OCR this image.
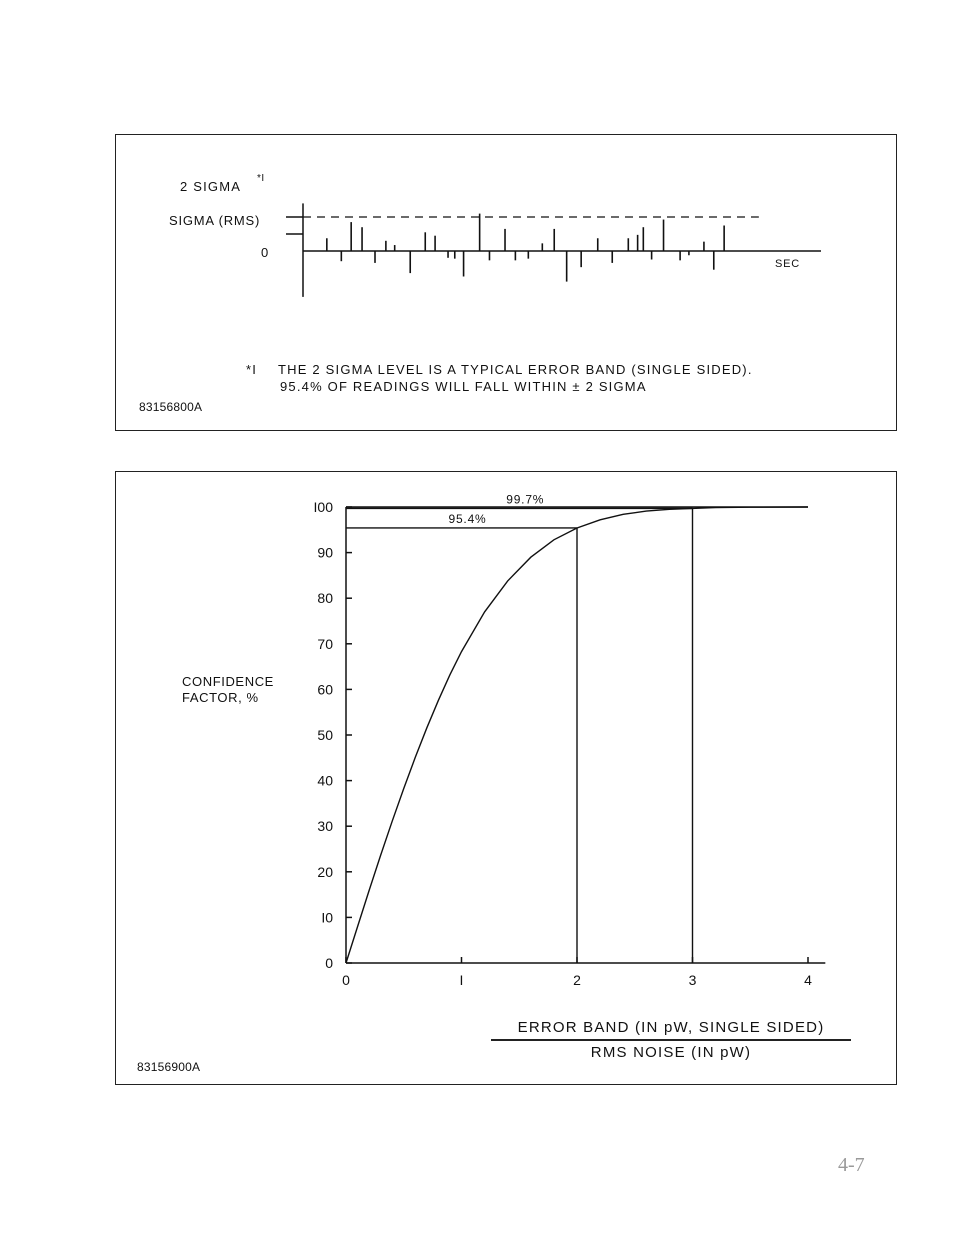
2 SIGMA
*I
SIGMA (RMS)
0
SEC
*I THE 2 SIGMA LEVEL IS A TYPICAL ERROR BAND (SINGLE SIDED).
95.4% OF READINGS WILL FALL WITHIN ± 2 SIGMA
83156800A
0
I0
20
30
40
50
60
70
80
90
I00
0	I	2	3	4
95.4%
99.7%
CONFIDENCE
FACTOR, %
ERROR BAND (IN pW, SINGLE SIDED)
RMS NOISE (IN pW)
83156900A
4-7
